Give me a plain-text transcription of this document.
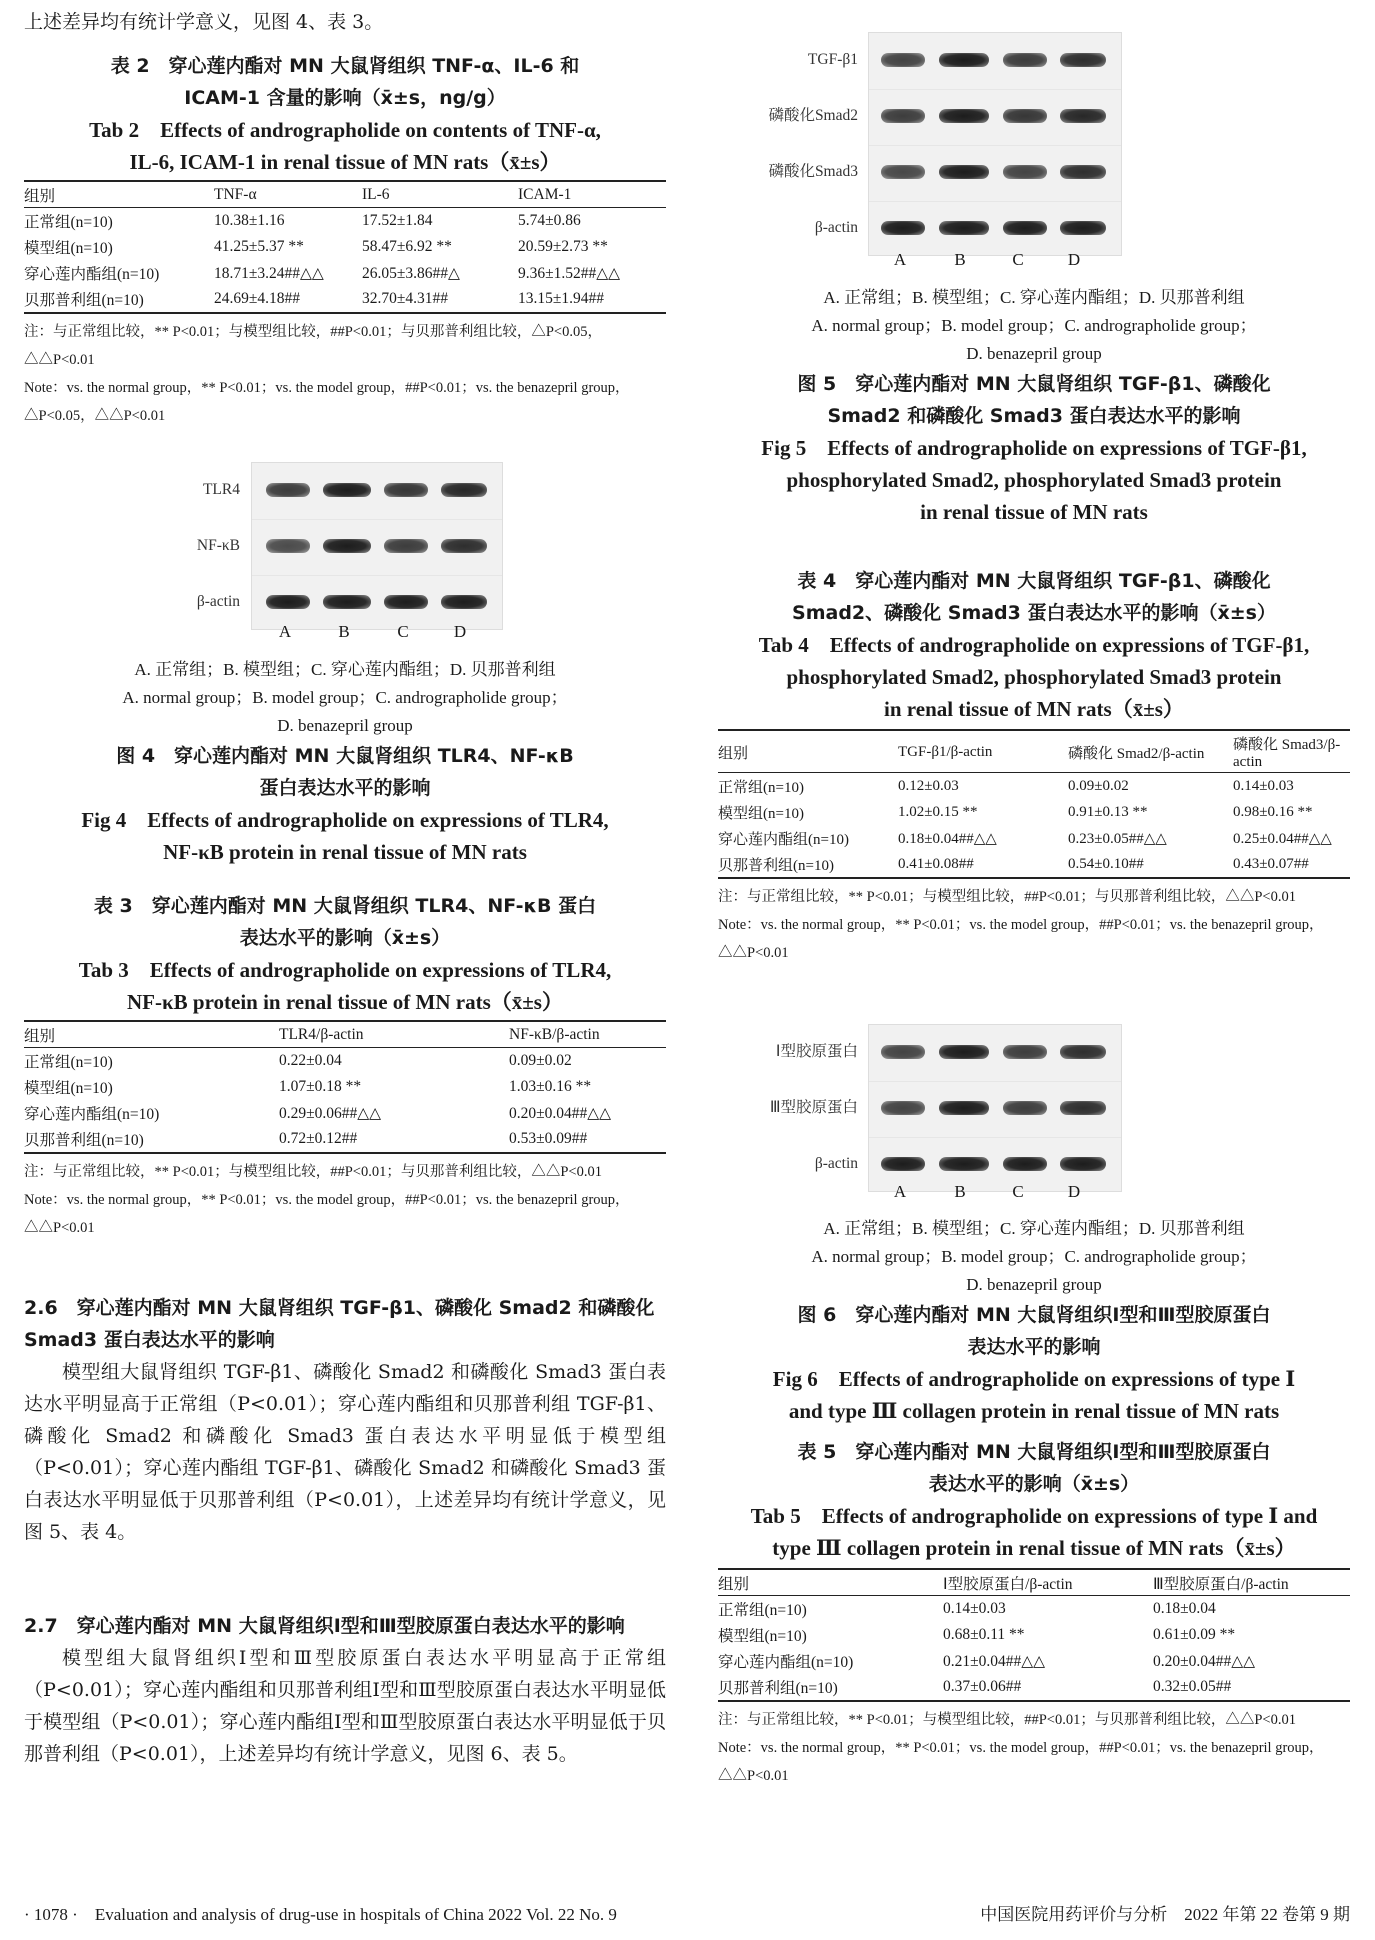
上述差异均有统计学意义，见图 4、表 3。
表 2　穿心莲内酯对 MN 大鼠肾组织 TNF-α、IL-6 和
ICAM-1 含量的影响（x̄±s，ng/g）
Tab 2　Effects of andrographolide on contents of TNF-α,
IL-6, ICAM-1 in renal tissue of MN rats（x̄±s）
组别	TNF-α	IL-6	ICAM-1
正常组(n=10)	10.38±1.16	17.52±1.84	5.74±0.86
模型组(n=10)	41.25±5.37 **	58.47±6.92 **	20.59±2.73 **
穿心莲内酯组(n=10)	18.71±3.24##△△	26.05±3.86##△	9.36±1.52##△△
贝那普利组(n=10)	24.69±4.18##	32.70±4.31##	13.15±1.94##
注：与正常组比较，** P<0.01；与模型组比较，##P<0.01；与贝那普利组比较，△P<0.05，△△P<0.01
Note：vs. the normal group，** P<0.01；vs. the model group，##P<0.01；vs. the benazepril group，△P<0.05，△△P<0.01
TLR4
NF-κB
β-actin
A	B	C	D
A. 正常组；B. 模型组；C. 穿心莲内酯组；D. 贝那普利组
A. normal group；B. model group；C. andrographolide group；
D. benazepril group
图 4　穿心莲内酯对 MN 大鼠肾组织 TLR4、NF-κB
蛋白表达水平的影响
Fig 4　Effects of andrographolide on expressions of TLR4,
NF-κB protein in renal tissue of MN rats
表 3　穿心莲内酯对 MN 大鼠肾组织 TLR4、NF-κB 蛋白
表达水平的影响（x̄±s）
Tab 3　Effects of andrographolide on expressions of TLR4,
NF-κB protein in renal tissue of MN rats（x̄±s）
组别	TLR4/β-actin	NF-κB/β-actin
正常组(n=10)	0.22±0.04	0.09±0.02
模型组(n=10)	1.07±0.18 **	1.03±0.16 **
穿心莲内酯组(n=10)	0.29±0.06##△△	0.20±0.04##△△
贝那普利组(n=10)	0.72±0.12##	0.53±0.09##
注：与正常组比较，** P<0.01；与模型组比较，##P<0.01；与贝那普利组比较，△△P<0.01
Note：vs. the normal group，** P<0.01；vs. the model group，##P<0.01；vs. the benazepril group，△△P<0.01
2.6　穿心莲内酯对 MN 大鼠肾组织 TGF-β1、磷酸化 Smad2 和磷酸化 Smad3 蛋白表达水平的影响
模型组大鼠肾组织 TGF-β1、磷酸化 Smad2 和磷酸化 Smad3 蛋白表达水平明显高于正常组（P<0.01）；穿心莲内酯组和贝那普利组 TGF-β1、磷酸化 Smad2 和磷酸化 Smad3 蛋白表达水平明显低于模型组（P<0.01）；穿心莲内酯组 TGF-β1、磷酸化 Smad2 和磷酸化 Smad3 蛋白表达水平明显低于贝那普利组（P<0.01），上述差异均有统计学意义，见图 5、表 4。
2.7　穿心莲内酯对 MN 大鼠肾组织Ⅰ型和Ⅲ型胶原蛋白表达水平的影响
模型组大鼠肾组织Ⅰ型和Ⅲ型胶原蛋白表达水平明显高于正常组（P<0.01）；穿心莲内酯组和贝那普利组Ⅰ型和Ⅲ型胶原蛋白表达水平明显低于模型组（P<0.01）；穿心莲内酯组Ⅰ型和Ⅲ型胶原蛋白表达水平明显低于贝那普利组（P<0.01），上述差异均有统计学意义，见图 6、表 5。
TGF-β1
磷酸化Smad2
磷酸化Smad3
β-actin
A	B	C	D
A. 正常组；B. 模型组；C. 穿心莲内酯组；D. 贝那普利组
A. normal group；B. model group；C. andrographolide group；
D. benazepril group
图 5　穿心莲内酯对 MN 大鼠肾组织 TGF-β1、磷酸化
Smad2 和磷酸化 Smad3 蛋白表达水平的影响
Fig 5　Effects of andrographolide on expressions of TGF-β1,
phosphorylated Smad2, phosphorylated Smad3 protein
in renal tissue of MN rats
表 4　穿心莲内酯对 MN 大鼠肾组织 TGF-β1、磷酸化
Smad2、磷酸化 Smad3 蛋白表达水平的影响（x̄±s）
Tab 4　Effects of andrographolide on expressions of TGF-β1,
phosphorylated Smad2, phosphorylated Smad3 protein
in renal tissue of MN rats（x̄±s）
组别	TGF-β1/β-actin	磷酸化 Smad2/β-actin	磷酸化 Smad3/β-actin
正常组(n=10)	0.12±0.03	0.09±0.02	0.14±0.03
模型组(n=10)	1.02±0.15 **	0.91±0.13 **	0.98±0.16 **
穿心莲内酯组(n=10)	0.18±0.04##△△	0.23±0.05##△△	0.25±0.04##△△
贝那普利组(n=10)	0.41±0.08##	0.54±0.10##	0.43±0.07##
注：与正常组比较，** P<0.01；与模型组比较，##P<0.01；与贝那普利组比较，△△P<0.01
Note：vs. the normal group，** P<0.01；vs. the model group，##P<0.01；vs. the benazepril group，△△P<0.01
Ⅰ型胶原蛋白
Ⅲ型胶原蛋白
β-actin
A	B	C	D
A. 正常组；B. 模型组；C. 穿心莲内酯组；D. 贝那普利组
A. normal group；B. model group；C. andrographolide group；
D. benazepril group
图 6　穿心莲内酯对 MN 大鼠肾组织Ⅰ型和Ⅲ型胶原蛋白
表达水平的影响
Fig 6　Effects of andrographolide on expressions of type Ⅰ
and type Ⅲ collagen protein in renal tissue of MN rats
表 5　穿心莲内酯对 MN 大鼠肾组织Ⅰ型和Ⅲ型胶原蛋白
表达水平的影响（x̄±s）
Tab 5　Effects of andrographolide on expressions of type Ⅰ and
type Ⅲ collagen protein in renal tissue of MN rats（x̄±s）
组别	Ⅰ型胶原蛋白/β-actin	Ⅲ型胶原蛋白/β-actin
正常组(n=10)	0.14±0.03	0.18±0.04
模型组(n=10)	0.68±0.11 **	0.61±0.09 **
穿心莲内酯组(n=10)	0.21±0.04##△△	0.20±0.04##△△
贝那普利组(n=10)	0.37±0.06##	0.32±0.05##
注：与正常组比较，** P<0.01；与模型组比较，##P<0.01；与贝那普利组比较，△△P<0.01
Note：vs. the normal group，** P<0.01；vs. the model group，##P<0.01；vs. the benazepril group，△△P<0.01
· 1078 ·　Evaluation and analysis of drug-use in hospitals of China 2022 Vol. 22 No. 9	中国医院用药评价与分析　2022 年第 22 卷第 9 期
